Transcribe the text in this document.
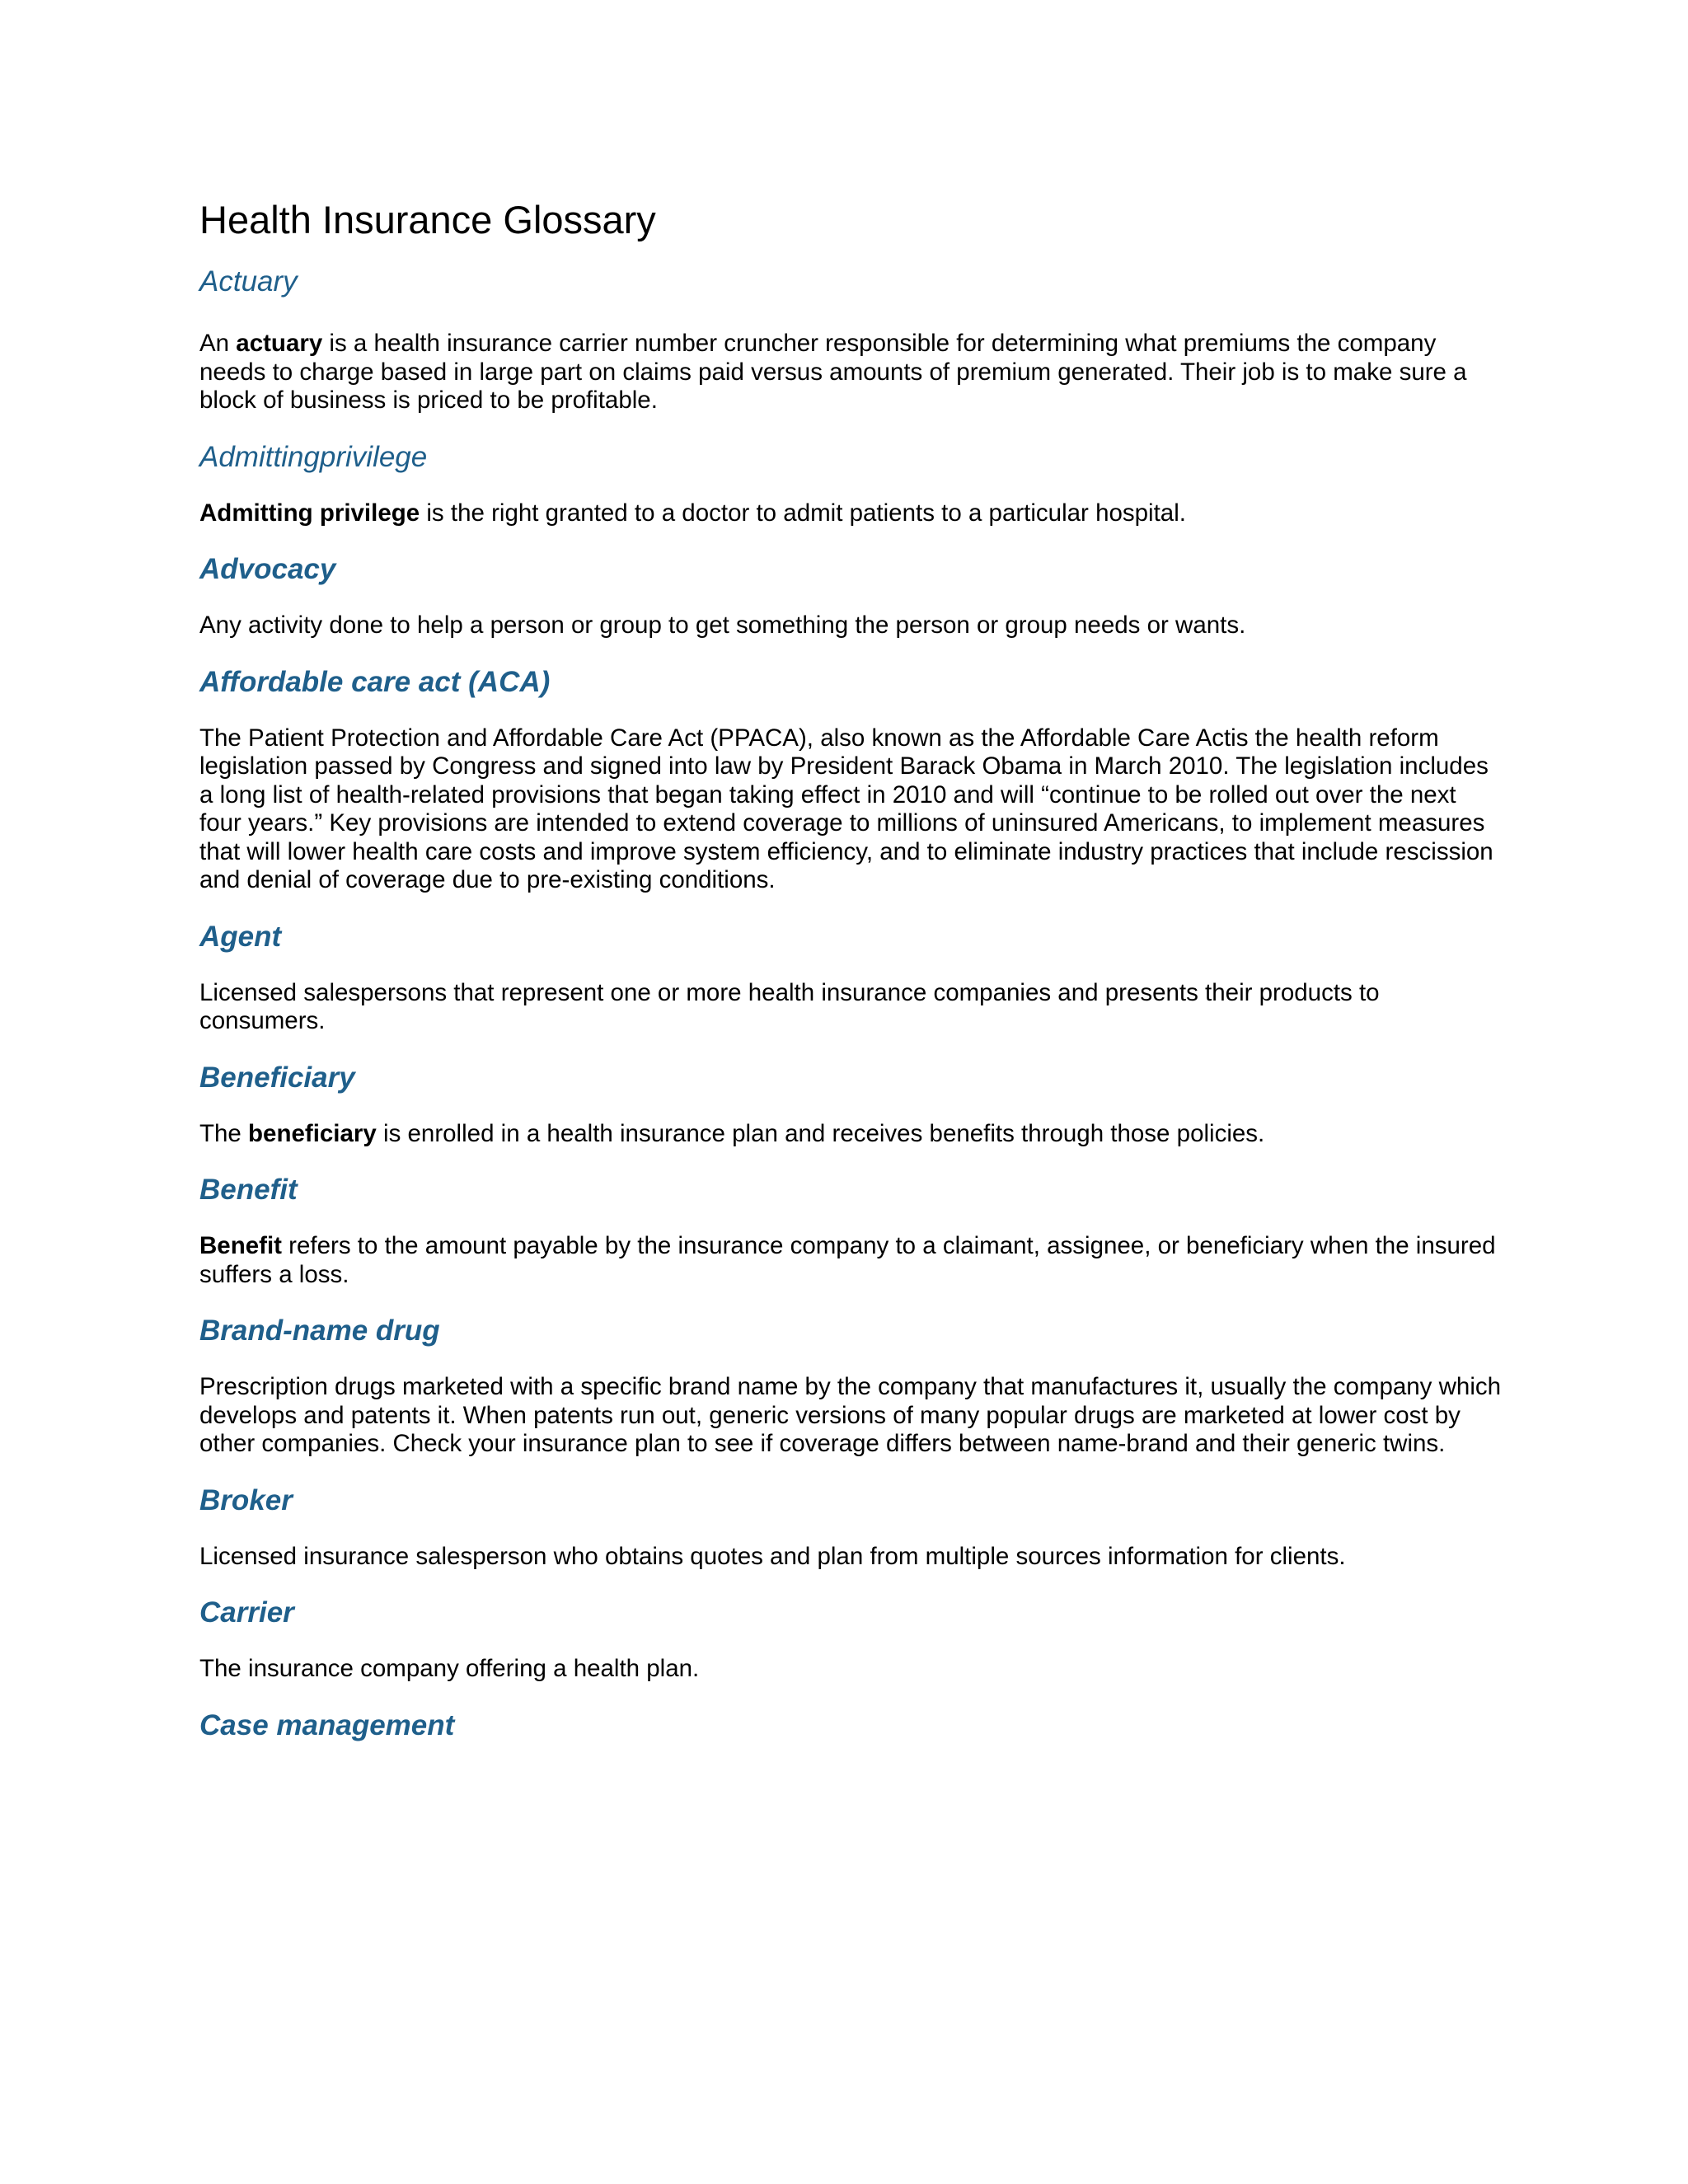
Health Insurance Glossary
Actuary

An actuary is a health insurance carrier number cruncher responsible for determining what premiums the company needs to charge based in large part on claims paid versus amounts of premium generated. Their job is to make sure a block of business is priced to be profitable.

Admittingprivilege

Admitting privilege is the right granted to a doctor to admit patients to a particular hospital.

Advocacy

Any activity done to help a person or group to get something the person or group needs or wants.

Affordable care act (ACA)

The Patient Protection and Affordable Care Act (PPACA), also known as the Affordable Care Actis the health reform legislation passed by Congress and signed into law by President Barack Obama in March 2010. The legislation includes a long list of health-related provisions that began taking effect in 2010 and will “continue to be rolled out over the next four years.” Key provisions are intended to extend coverage to millions of uninsured Americans, to implement measures that will lower health care costs and improve system efficiency, and to eliminate industry practices that include rescission and denial of coverage due to pre-existing conditions.

Agent

Licensed salespersons that represent one or more health insurance companies and presents their products to consumers.

Beneficiary

The beneficiary is enrolled in a health insurance plan and receives benefits through those policies.

Benefit

Benefit refers to the amount payable by the insurance company to a claimant, assignee, or beneficiary when the insured suffers a loss.

Brand-name drug

Prescription drugs marketed with a specific brand name by the company that manufactures it, usually the company which develops and patents it. When patents run out, generic versions of many popular drugs are marketed at lower cost by other companies. Check your insurance plan to see if coverage differs between name-brand and their generic twins.

Broker

Licensed insurance salesperson who obtains quotes and plan from multiple sources information for clients.

Carrier

The insurance company offering a health plan.

Case management
